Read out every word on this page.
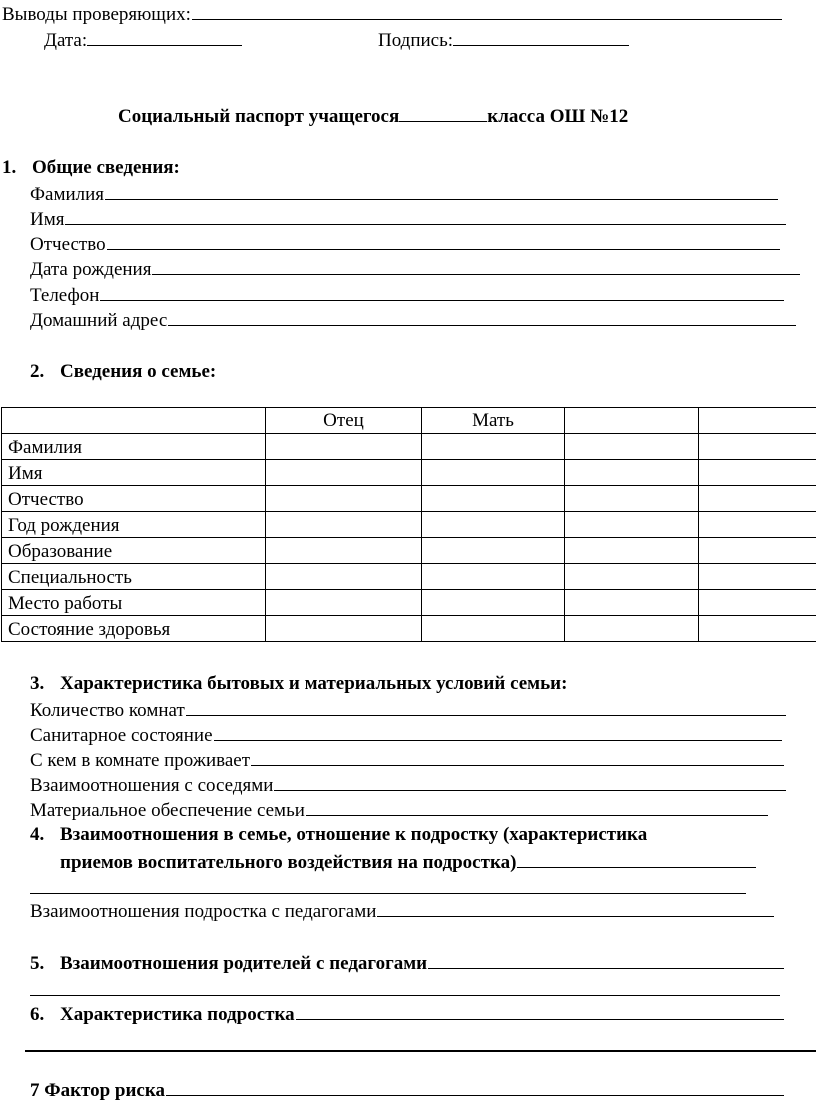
Выводы проверяющих:
Дата:	Подпись:
Социальный паспорт учащегося	класса ОШ №12
1. Общие сведения:
Фамилия
Имя
Отчество
Дата рождения
Телефон
Домашний адрес
2. Сведения о семье:
	Отец	Мать		
Фамилия				
Имя				
Отчество				
Год рождения				
Образование				
Специальность				
Место работы				
Состояние здоровья				
3. Характеристика бытовых и материальных условий семьи:
Количество комнат
Санитарное состояние
С кем в комнате проживает
Взаимоотношения с соседями
Материальное обеспечение семьи
4. Взаимоотношения в семье, отношение к подростку (характеристика
приемов воспитательного воздействия на подростка)
Взаимоотношения подростка с педагогами
5. Взаимоотношения родителей с педагогами
6. Характеристика подростка
7 Фактор риска
